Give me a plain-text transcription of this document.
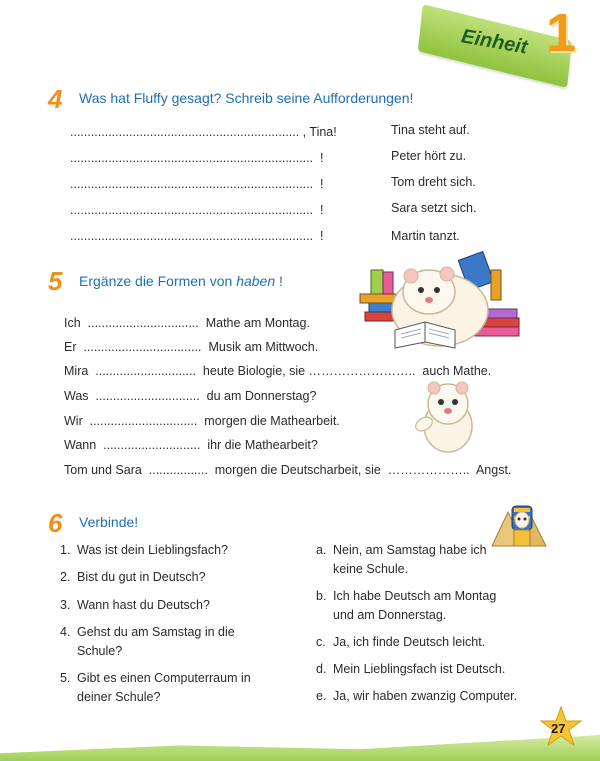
Einheit 1
4 Was hat Fluffy gesagt? Schreib seine Aufforderungen!
.................................................................. , Tina!
......................................................................  !
......................................................................  !
......................................................................  !
......................................................................  !
Tina steht auf.
Peter hört zu.
Tom dreht sich.
Sara setzt sich.
Martin tanzt.
5 Ergänze die Formen von haben !
Ich  ................................  Mathe am Montag.
Er  ..................................  Musik am Mittwoch.
Mira  .............................  heute Biologie, sie ……………………..  auch Mathe.
Was  ..............................  du am Donnerstag?
Wir  ...............................  morgen die Mathearbeit.
Wann  ............................  ihr die Mathearbeit?
Tom und Sara  .................  morgen die Deutscharbeit, sie  ………………..  Angst.
6 Verbinde!
1. Was ist dein Lieblingsfach?
2. Bist du gut in Deutsch?
3. Wann hast du Deutsch?
4. Gehst du am Samstag in die Schule?
5. Gibt es einen Computerraum in deiner Schule?
a. Nein, am Samstag habe ich keine Schule.
b. Ich habe Deutsch am Montag und am Donnerstag.
c. Ja, ich finde Deutsch leicht.
d. Mein Lieblingsfach ist Deutsch.
e. Ja, wir haben zwanzig Computer.
27
